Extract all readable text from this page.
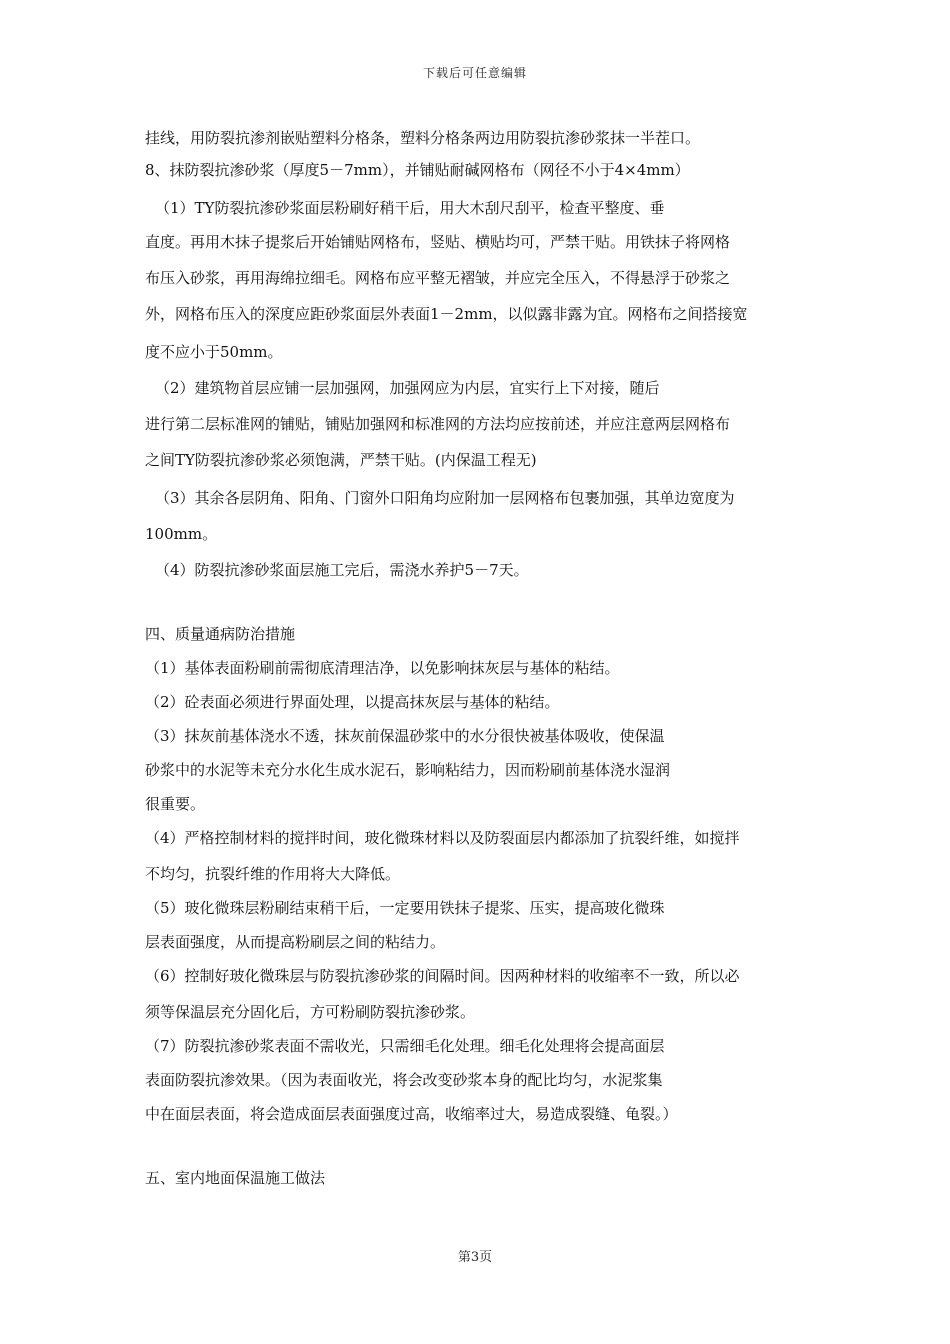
下载后可任意编辑
挂线，用防裂抗渗剂嵌贴塑料分格条，塑料分格条两边用防裂抗渗砂浆抹一半茬口。
8、抹防裂抗渗砂浆（厚度5－7mm），并铺贴耐碱网格布（网径不小于4×4mm）
（1）TY防裂抗渗砂浆面层粉刷好稍干后，用大木刮尺刮平，检查平整度、垂
直度。再用木抹子提浆后开始铺贴网格布，竖贴、横贴均可，严禁干贴。用铁抹子将网格
布压入砂浆，再用海绵拉细毛。网格布应平整无褶皱，并应完全压入，不得悬浮于砂浆之
外，网格布压入的深度应距砂浆面层外表面1－2mm，以似露非露为宜。网格布之间搭接宽
度不应小于50mm。
（2）建筑物首层应铺一层加强网，加强网应为内层，宜实行上下对接，随后
进行第二层标准网的铺贴，铺贴加强网和标准网的方法均应按前述，并应注意两层网格布
之间TY防裂抗渗砂浆必须饱满，严禁干贴。(内保温工程无)
（3）其余各层阴角、阳角、门窗外口阳角均应附加一层网格布包裹加强，其单边宽度为
100mm。
（4）防裂抗渗砂浆面层施工完后，需浇水养护5－7天。
四、质量通病防治措施
（1）基体表面粉刷前需彻底清理洁净，以免影响抹灰层与基体的粘结。
（2）砼表面必须进行界面处理，以提高抹灰层与基体的粘结。
（3）抹灰前基体浇水不透，抹灰前保温砂浆中的水分很快被基体吸收，使保温
砂浆中的水泥等未充分水化生成水泥石，影响粘结力，因而粉刷前基体浇水湿润
很重要。
（4）严格控制材料的搅拌时间，玻化微珠材料以及防裂面层内都添加了抗裂纤维，如搅拌
不均匀，抗裂纤维的作用将大大降低。
（5）玻化微珠层粉刷结束稍干后，一定要用铁抹子提浆、压实，提高玻化微珠
层表面强度，从而提高粉刷层之间的粘结力。
（6）控制好玻化微珠层与防裂抗渗砂浆的间隔时间。因两种材料的收缩率不一致，所以必
须等保温层充分固化后，方可粉刷防裂抗渗砂浆。
（7）防裂抗渗砂浆表面不需收光，只需细毛化处理。细毛化处理将会提高面层
表面防裂抗渗效果。（因为表面收光，将会改变砂浆本身的配比均匀，水泥浆集
中在面层表面，将会造成面层表面强度过高，收缩率过大，易造成裂缝、龟裂。）
五、室内地面保温施工做法
第3页
